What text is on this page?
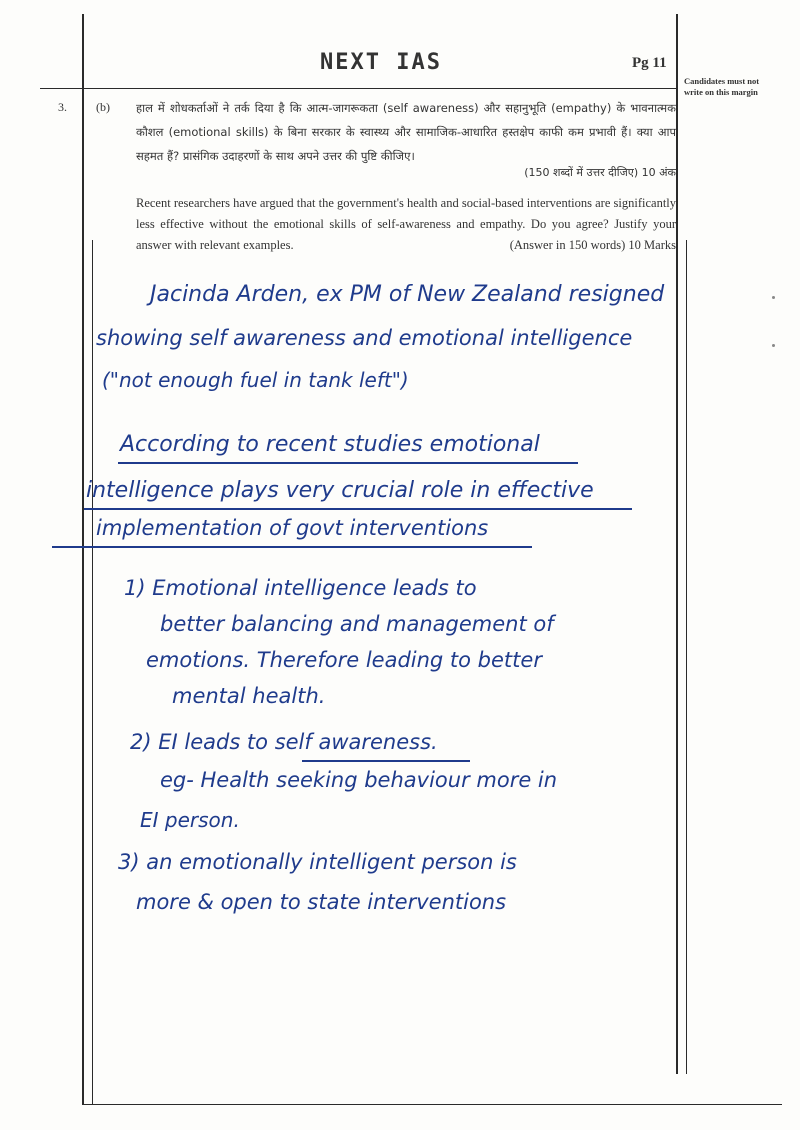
NEXT IAS	Pg 11
Candidates must not write on this margin
3. (b) हाल में शोधकर्ताओं ने तर्क दिया है कि आत्म-जागरूकता (self awareness) और सहानुभूति (empathy) के भावनात्मक कौशल (emotional skills) के बिना सरकार के स्वास्थ्य और सामाजिक-आधारित हस्तक्षेप काफी कम प्रभावी हैं। क्या आप सहमत हैं? प्रासंगिक उदाहरणों के साथ अपने उत्तर की पुष्टि कीजिए।
(150 शब्दों में उत्तर दीजिए) 10 अंक
Recent researchers have argued that the government's health and social-based interventions are significantly less effective without the emotional skills of self-awareness and empathy. Do you agree? Justify your answer with relevant examples.	(Answer in 150 words) 10 Marks
Jacinda Arden, ex PM of New Zealand resigned
showing self awareness and emotional intelligence
("not enough fuel in tank left")
According to recent studies emotional
intelligence plays very crucial role in effective
implementation of govt interventions
1) Emotional intelligence leads to
better balancing and management of
emotions. Therefore leading to better
mental health.
2) EI leads to self awareness.
eg- Health seeking behaviour more in
EI person.
3) an emotionally intelligent person is
more & open to state interventions
